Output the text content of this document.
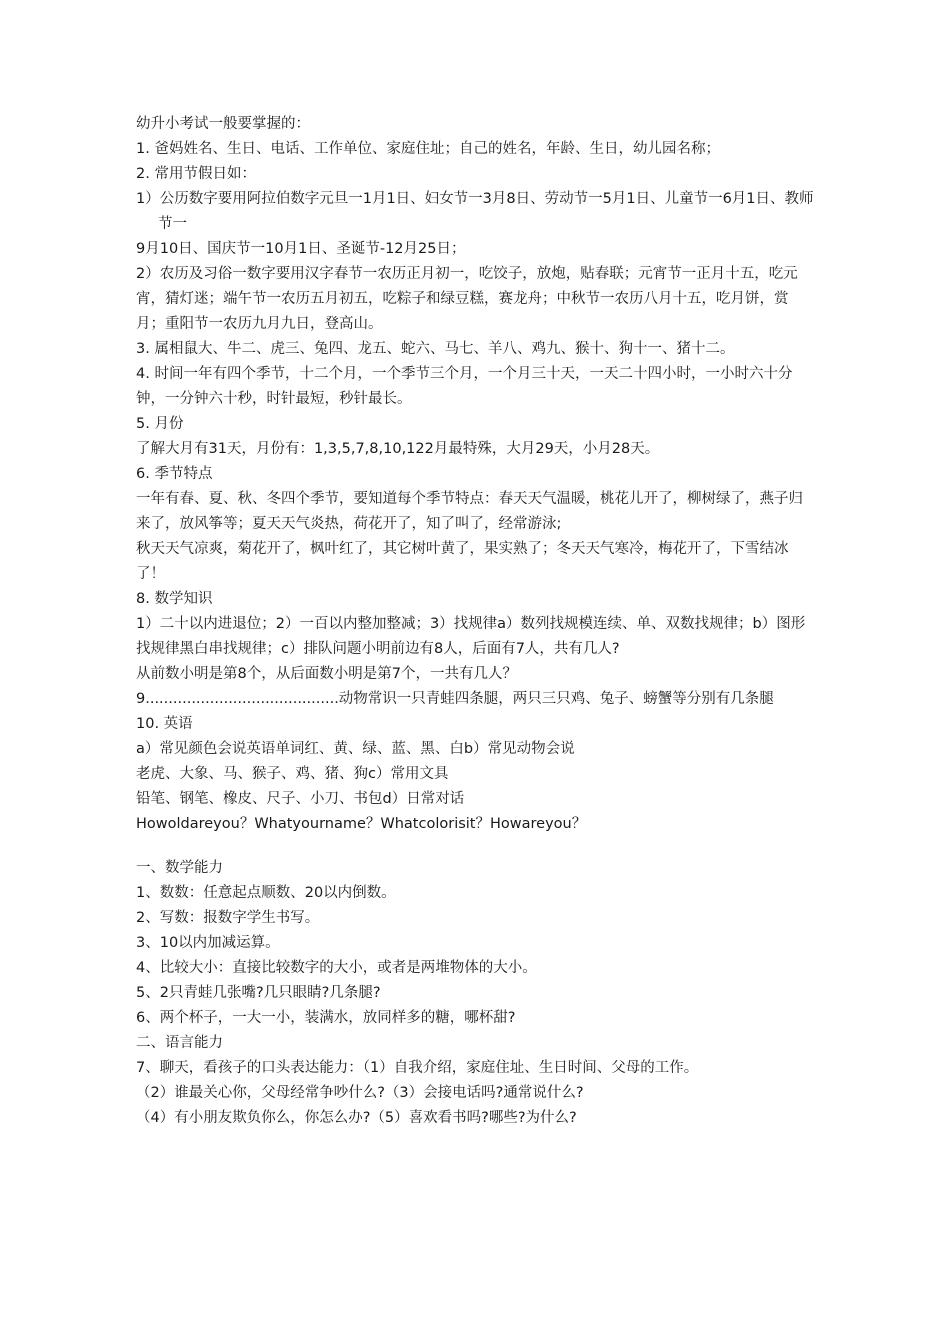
幼升小考试一般要掌握的：

1. 爸妈姓名、生日、电话、工作单位、家庭住址；自己的姓名，年龄、生日，幼儿园名称；

2. 常用节假日如：

1）公历数字要用阿拉伯数字元旦一1月1日、妇女节一3月8日、劳动节一5月1日、儿童节一6月1日、教师节一

9月10日、国庆节一10月1日、圣诞节-12月25日；

2）农历及习俗一数字要用汉字春节一农历正月初一，吃饺子，放炮，贴春联；元宵节一正月十五，吃元宵，猜灯迷；端午节一农历五月初五，吃粽子和绿豆糕，赛龙舟；中秋节一农历八月十五，吃月饼，赏月；重阳节一农历九月九日，登高山。

3. 属相鼠大、牛二、虎三、兔四、龙五、蛇六、马七、羊八、鸡九、猴十、狗十一、猪十二。

4. 时间一年有四个季节，十二个月，一个季节三个月，一个月三十天，一天二十四小时，一小时六十分钟，一分钟六十秒，时针最短，秒针最长。

5. 月份

了解大月有31天，月份有：1,3,5,7,8,10,122月最特殊，大月29天，小月28天。

6. 季节特点

一年有春、夏、秋、冬四个季节，要知道每个季节特点：春天天气温暖，桃花儿开了，柳树绿了，燕子归来了，放风筝等；夏天天气炎热，荷花开了，知了叫了，经常游泳;

秋天天气凉爽，菊花开了，枫叶红了，其它树叶黄了，果实熟了；冬天天气寒冷，梅花开了，下雪结冰了！

8. 数学知识

1）二十以内进退位；2）一百以内整加整减；3）找规律a）数列找规模连续、单、双数找规律；b）图形找规律黑白串找规律；c）排队问题小明前边有8人，后面有7人，共有几人?

从前数小明是第8个，从后面数小明是第7个，一共有几人？

9..........................................动物常识一只青蛙四条腿，两只三只鸡、兔子、螃蟹等分别有几条腿

10. 英语

a）常见颜色会说英语单词红、黄、绿、蓝、黑、白b）常见动物会说

老虎、大象、马、猴子、鸡、猪、狗c）常用文具

铅笔、钢笔、橡皮、尺子、小刀、书包d）日常对话

Howoldareyou？Whatyourname？Whatcolorisit？Howareyou？

一、数学能力

1、数数：任意起点顺数、20以内倒数。

2、写数：报数字学生书写。

3、10以内加减运算。

4、比较大小：直接比较数字的大小，或者是两堆物体的大小。

5、2只青蛙几张嘴?几只眼睛?几条腿?

6、两个杯子，一大一小，装满水，放同样多的糖，哪杯甜?

二、语言能力

7、聊天，看孩子的口头表达能力：（1）自我介绍，家庭住址、生日时间、父母的工作。

（2）谁最关心你，父母经常争吵什么?（3）会接电话吗?通常说什么?

（4）有小朋友欺负你么，你怎么办?（5）喜欢看书吗?哪些?为什么?
